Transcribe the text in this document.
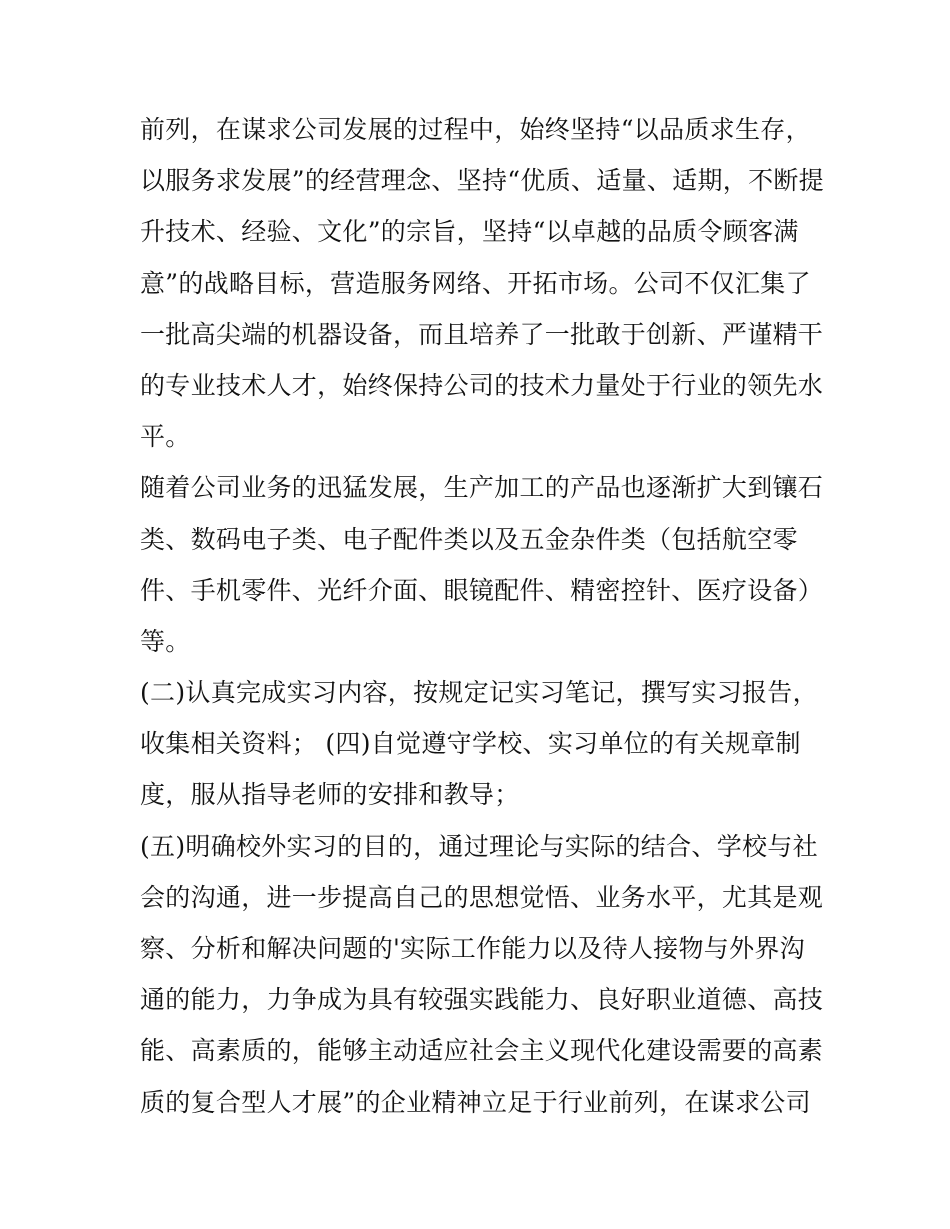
前列，在谋求公司发展的过程中，始终坚持“以品质求生存，
以服务求发展”的经营理念、坚持“优质、适量、适期，不断提
升技术、经验、文化”的宗旨，坚持“以卓越的品质令顾客满
意”的战略目标，营造服务网络、开拓市场。公司不仅汇集了
一批高尖端的机器设备，而且培养了一批敢于创新、严谨精干
的专业技术人才，始终保持公司的技术力量处于行业的领先水
平。
随着公司业务的迅猛发展，生产加工的产品也逐渐扩大到镶石
类、数码电子类、电子配件类以及五金杂件类（包括航空零
件、手机零件、光纤介面、眼镜配件、精密控针、医疗设备）
等。
(二)认真完成实习内容，按规定记实习笔记，撰写实习报告，
收集相关资料； (四)自觉遵守学校、实习单位的有关规章制
度，服从指导老师的安排和教导；
(五)明确校外实习的目的，通过理论与实际的结合、学校与社
会的沟通，进一步提高自己的思想觉悟、业务水平，尤其是观
察、分析和解决问题的'实际工作能力以及待人接物与外界沟
通的能力，力争成为具有较强实践能力、良好职业道德、高技
能、高素质的，能够主动适应社会主义现代化建设需要的高素
质的复合型人才展”的企业精神立足于行业前列，在谋求公司
